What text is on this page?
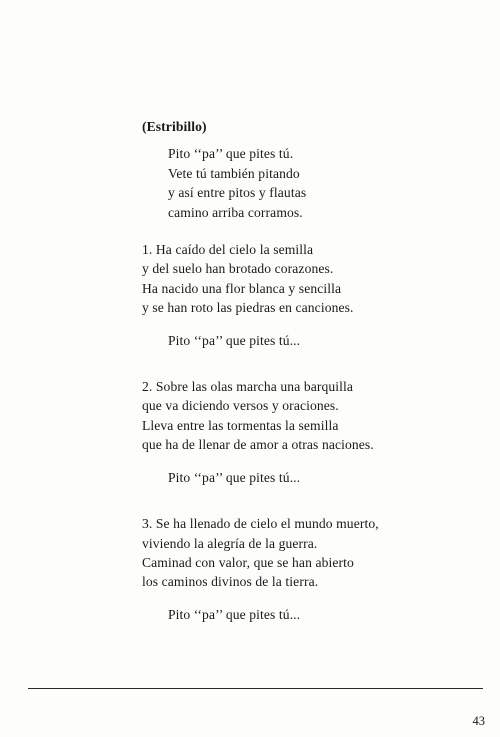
(Estribillo)
Pito ‘‘pa’’ que pites tú.
Vete tú también pitando
y así entre pitos y flautas
camino arriba corramos.
1. Ha caído del cielo la semilla
y del suelo han brotado corazones.
Ha nacido una flor blanca y sencilla
y se han roto las piedras en canciones.
Pito ‘‘pa’’ que pites tú...
2. Sobre las olas marcha una barquilla
que va diciendo versos y oraciones.
Lleva entre las tormentas la semilla
que ha de llenar de amor a otras naciones.
Pito ‘‘pa’’ que pites tú...
3. Se ha llenado de cielo el mundo muerto,
viviendo la alegría de la guerra.
Caminad con valor, que se han abierto
los caminos divinos de la tierra.
Pito ‘‘pa’’ que pites tú...
43
